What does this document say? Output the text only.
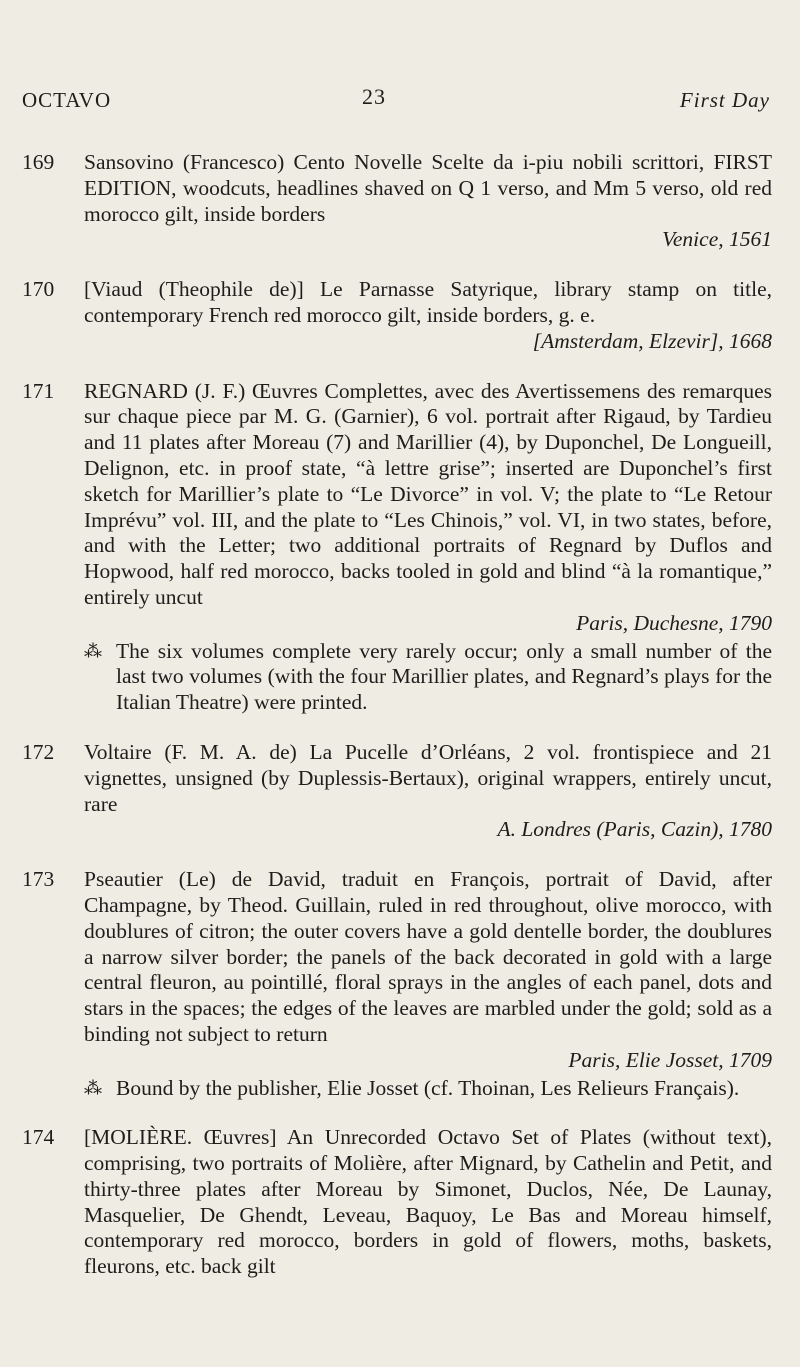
OCTAVO	23	First Day
169 Sansovino (Francesco) Cento Novelle Scelte da i-piu nobili scrittori, FIRST EDITION, woodcuts, headlines shaved on Q 1 verso, and Mm 5 verso, old red morocco gilt, inside borders
Venice, 1561
170 [Viaud (Theophile de)] Le Parnasse Satyrique, library stamp on title, contemporary French red morocco gilt, inside borders, g. e.
[Amsterdam, Elzevir], 1668
171 REGNARD (J. F.) Œuvres Complettes, avec des Avertissemens des remarques sur chaque piece par M. G. (Garnier), 6 vol. portrait after Rigaud, by Tardieu and 11 plates after Moreau (7) and Marillier (4), by Duponchel, De Longueill, Delignon, etc. in proof state, “à lettre grise”; inserted are Duponchel’s first sketch for Marillier’s plate to “Le Divorce” in vol. V; the plate to “Le Retour Imprévu” vol. III, and the plate to “Les Chinois,” vol. VI, in two states, before, and with the Letter; two additional portraits of Regnard by Duflos and Hopwood, half red morocco, backs tooled in gold and blind “à la romantique,” entirely uncut
Paris, Duchesne, 1790
⁂ The six volumes complete very rarely occur; only a small number of the last two volumes (with the four Marillier plates, and Regnard’s plays for the Italian Theatre) were printed.
172 Voltaire (F. M. A. de) La Pucelle d’Orléans, 2 vol. frontispiece and 21 vignettes, unsigned (by Duplessis-Bertaux), original wrappers, entirely uncut, rare
A. Londres (Paris, Cazin), 1780
173 Pseautier (Le) de David, traduit en François, portrait of David, after Champagne, by Theod. Guillain, ruled in red throughout, olive morocco, with doublures of citron; the outer covers have a gold dentelle border, the doublures a narrow silver border; the panels of the back decorated in gold with a large central fleuron, au pointillé, floral sprays in the angles of each panel, dots and stars in the spaces; the edges of the leaves are marbled under the gold; sold as a binding not subject to return
Paris, Elie Josset, 1709
⁂ Bound by the publisher, Elie Josset (cf. Thoinan, Les Relieurs Français).
174 [MOLIÈRE. Œuvres] An Unrecorded Octavo Set of Plates (without text), comprising, two portraits of Molière, after Mignard, by Cathelin and Petit, and thirty-three plates after Moreau by Simonet, Duclos, Née, De Launay, Masquelier, De Ghendt, Leveau, Baquoy, Le Bas and Moreau himself, contemporary red morocco, borders in gold of flowers, moths, baskets, fleurons, etc. back gilt
